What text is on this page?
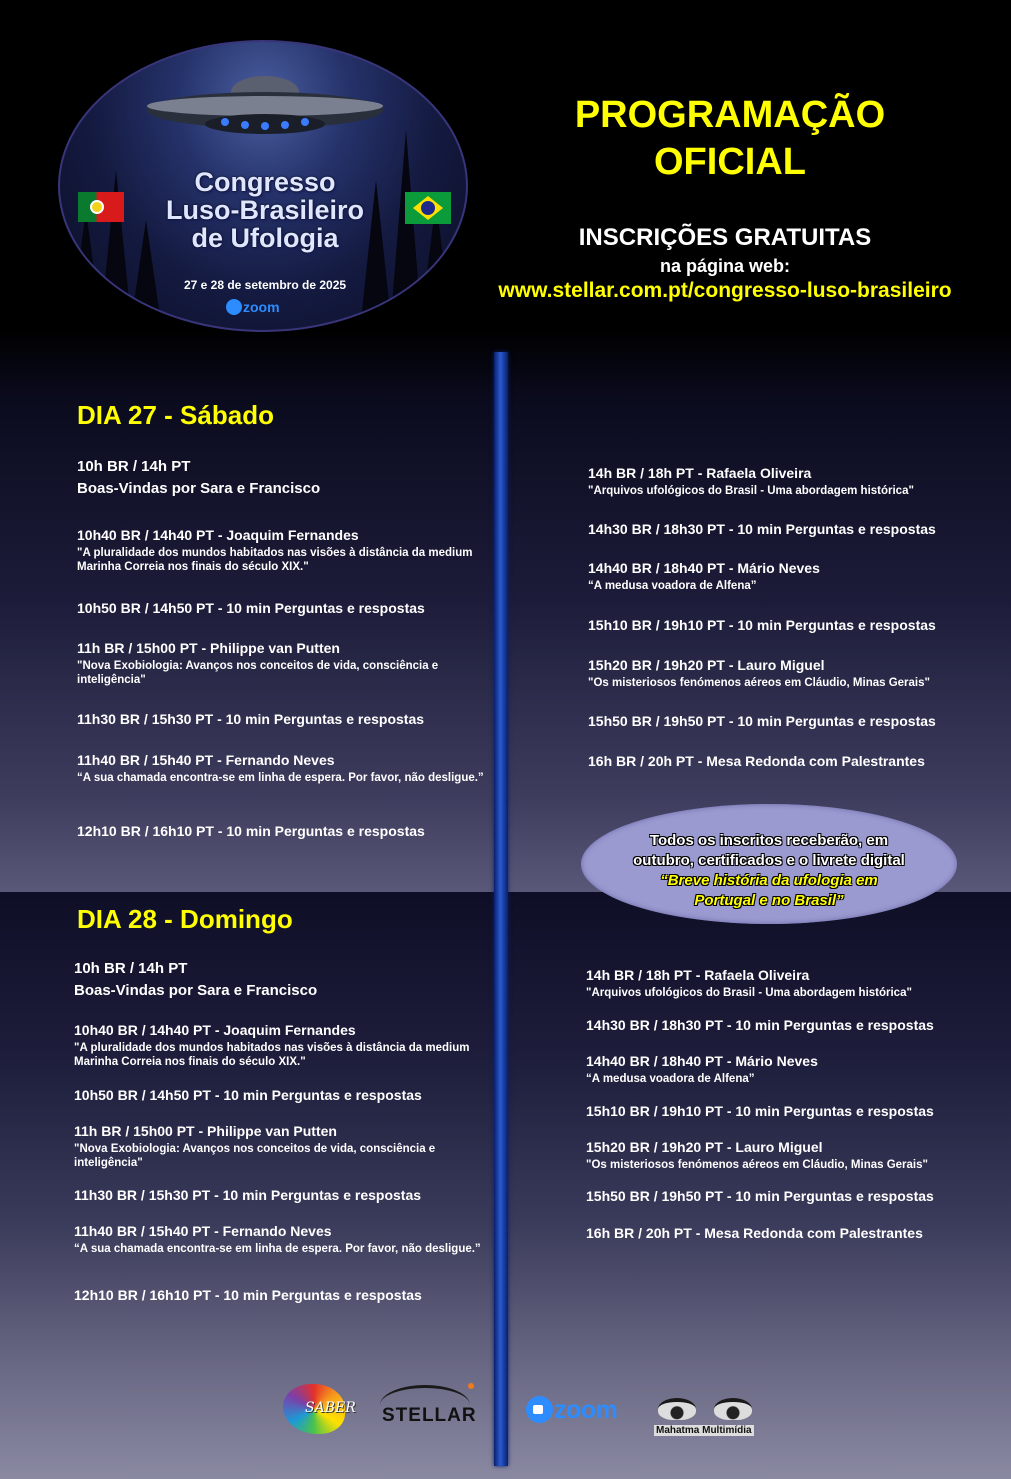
Congresso
Luso-Brasileiro
de Ufologia
27 e 28 de setembro de 2025
zoom
PROGRAMAÇÃO
OFICIAL
INSCRIÇÕES GRATUITAS
na página web:
www.stellar.com.pt/congresso-luso-brasileiro
DIA 27 - Sábado
10h BR / 14h PT
Boas-Vindas por Sara e Francisco
10h40 BR / 14h40 PT - Joaquim Fernandes
"A pluralidade dos mundos habitados nas visões à distância da medium Marinha Correia nos finais do século XIX."
10h50 BR / 14h50 PT - 10 min Perguntas e respostas
11h BR / 15h00 PT - Philippe van Putten
"Nova Exobiologia: Avanços nos conceitos de vida, consciência e inteligência"
11h30 BR / 15h30 PT - 10 min Perguntas e respostas
11h40 BR / 15h40 PT - Fernando Neves
“A sua chamada encontra-se em linha de espera. Por favor, não desligue.”
12h10 BR / 16h10 PT - 10 min Perguntas e respostas
14h BR / 18h PT - Rafaela Oliveira
"Arquivos ufológicos do Brasil - Uma abordagem histórica"
14h30 BR / 18h30 PT - 10 min Perguntas e respostas
14h40 BR / 18h40 PT - Mário Neves
“A medusa voadora de Alfena”
15h10 BR / 19h10 PT - 10 min Perguntas e respostas
15h20 BR / 19h20 PT - Lauro Miguel
"Os misteriosos fenómenos aéreos em Cláudio, Minas Gerais"
15h50 BR / 19h50 PT - 10 min Perguntas e respostas
16h BR / 20h PT - Mesa Redonda com Palestrantes
Todos os inscritos receberão, em
outubro, certificados e o livrete digital
“Breve história da ufologia em
Portugal e no Brasil”
DIA 28 - Domingo
10h BR / 14h PT
Boas-Vindas por Sara e Francisco
10h40 BR / 14h40 PT - Joaquim Fernandes
"A pluralidade dos mundos habitados nas visões à distância da medium Marinha Correia nos finais do século XIX."
10h50 BR / 14h50 PT - 10 min Perguntas e respostas
11h BR / 15h00 PT - Philippe van Putten
"Nova Exobiologia: Avanços nos conceitos de vida, consciência e inteligência"
11h30 BR / 15h30 PT - 10 min Perguntas e respostas
11h40 BR / 15h40 PT - Fernando Neves
“A sua chamada encontra-se em linha de espera. Por favor, não desligue.”
12h10 BR / 16h10 PT - 10 min Perguntas e respostas
14h BR / 18h PT - Rafaela Oliveira
"Arquivos ufológicos do Brasil - Uma abordagem histórica"
14h30 BR / 18h30 PT - 10 min Perguntas e respostas
14h40 BR / 18h40 PT - Mário Neves
“A medusa voadora de Alfena”
15h10 BR / 19h10 PT - 10 min Perguntas e respostas
15h20 BR / 19h20 PT - Lauro Miguel
"Os misteriosos fenómenos aéreos em Cláudio, Minas Gerais"
15h50 BR / 19h50 PT - 10 min Perguntas e respostas
16h BR / 20h PT - Mesa Redonda com Palestrantes
SABER STELLAR	zoom
Mahatma Multimídia
